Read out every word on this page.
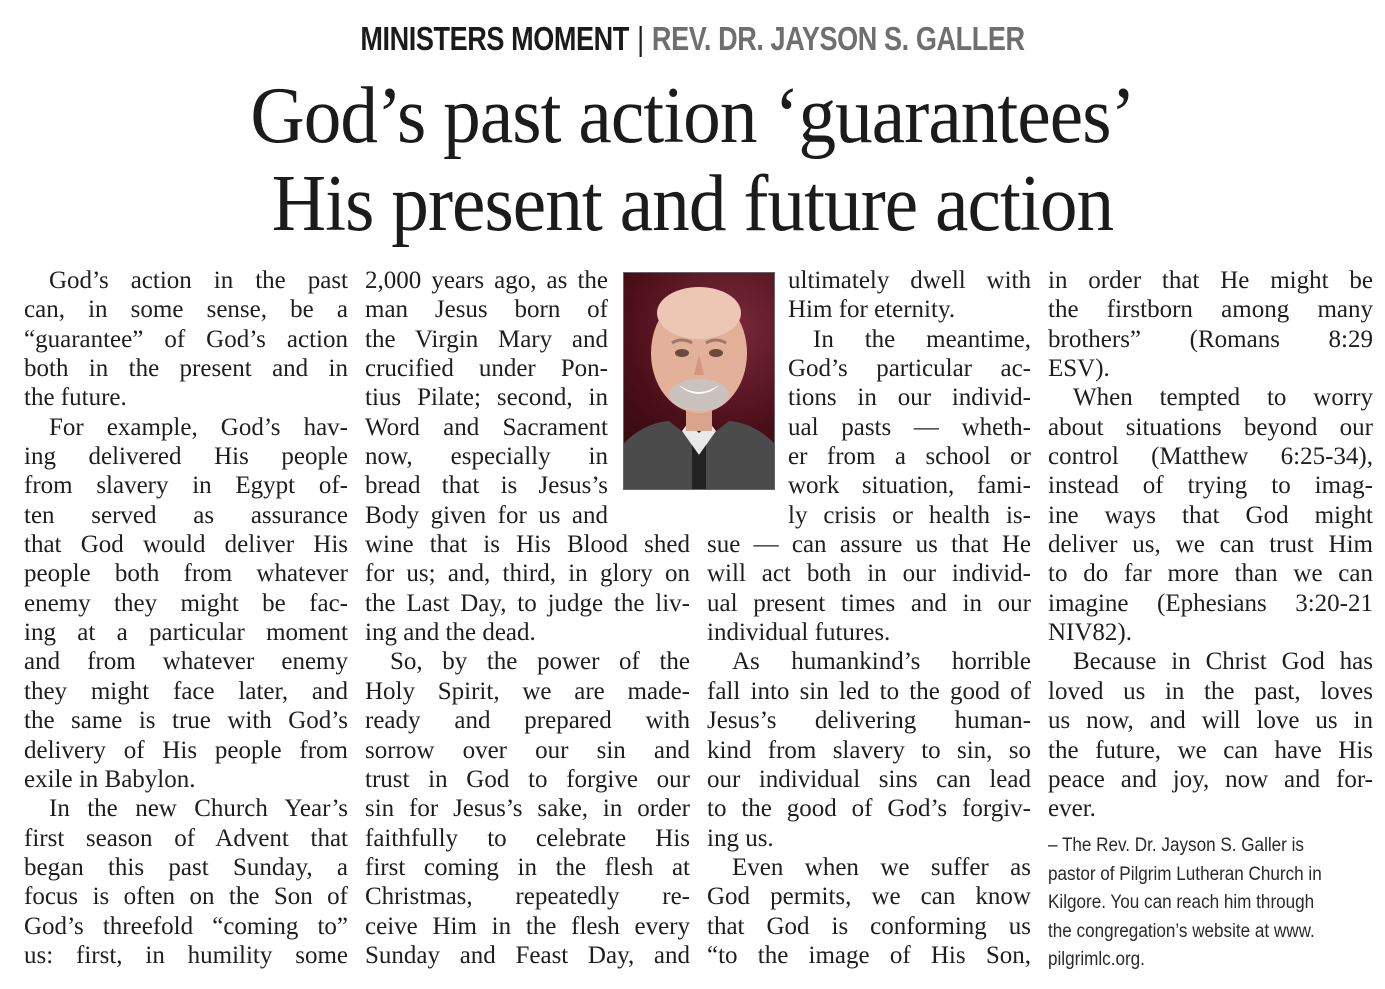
MINISTERS MOMENT | REV. DR. JAYSON S. GALLER
God’s past action ‘guarantees’
His present and future action
God’s action in the past
can, in some sense, be a
“guarantee” of God’s action
both in the present and in
the future.
For example, God’s hav-
ing delivered His people
from slavery in Egypt of-
ten served as assurance
that God would deliver His
people both from whatever
enemy they might be fac-
ing at a particular moment
and from whatever enemy
they might face later, and
the same is true with God’s
delivery of His people from
exile in Babylon.
In the new Church Year’s
first season of Advent that
began this past Sunday, a
focus is often on the Son of
God’s threefold “coming to”
us: first, in humility some
2,000 years ago, as the
man Jesus born of
the Virgin Mary and
crucified under Pon-
tius Pilate; second, in
Word and Sacrament
now, especially in
bread that is Jesus’s
Body given for us and
wine that is His Blood shed
for us; and, third, in glory on
the Last Day, to judge the liv-
ing and the dead.
So, by the power of the
Holy Spirit, we are made-
ready and prepared with
sorrow over our sin and
trust in God to forgive our
sin for Jesus’s sake, in order
faithfully to celebrate His
first coming in the flesh at
Christmas, repeatedly re-
ceive Him in the flesh every
Sunday and Feast Day, and
ultimately dwell with
Him for eternity.
In the meantime,
God’s particular ac-
tions in our individ-
ual pasts — wheth-
er from a school or
work situation, fami-
ly crisis or health is-
sue — can assure us that He
will act both in our individ-
ual present times and in our
individual futures.
As humankind’s horrible
fall into sin led to the good of
Jesus’s delivering human-
kind from slavery to sin, so
our individual sins can lead
to the good of God’s forgiv-
ing us.
Even when we suffer as
God permits, we can know
that God is conforming us
“to the image of His Son,
in order that He might be
the firstborn among many
brothers” (Romans 8:29
ESV).
When tempted to worry
about situations beyond our
control (Matthew 6:25-34),
instead of trying to imag-
ine ways that God might
deliver us, we can trust Him
to do far more than we can
imagine (Ephesians 3:20-21
NIV82).
Because in Christ God has
loved us in the past, loves
us now, and will love us in
the future, we can have His
peace and joy, now and for-
ever.
– The Rev. Dr. Jayson S. Galler is
pastor of Pilgrim Lutheran Church in
Kilgore. You can reach him through
the congregation’s website at www.
pilgrimlc.org.
